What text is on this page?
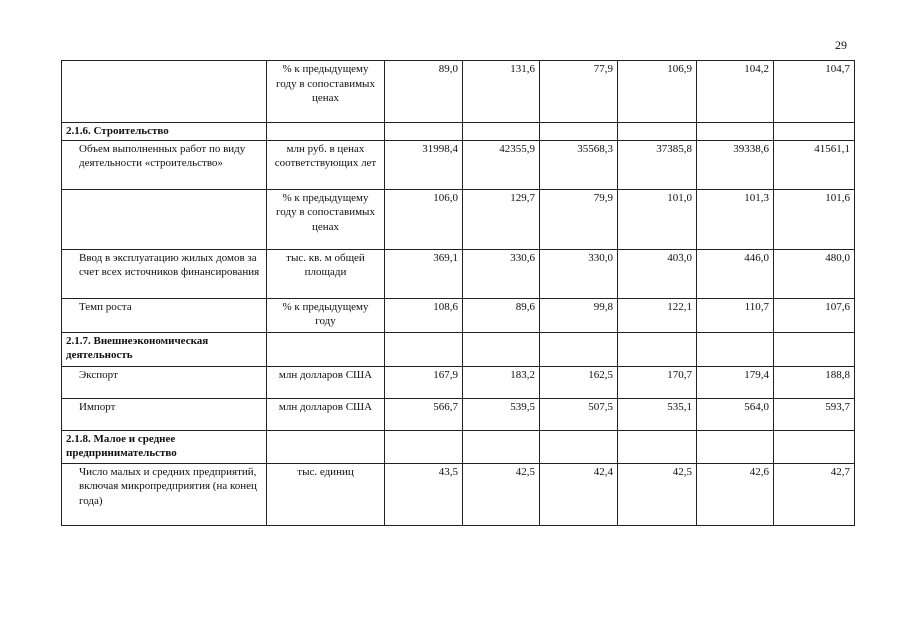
29
	% к предыдущему году в сопоставимых ценах	89,0	131,6	77,9	106,9	104,2	104,7
2.1.6. Строительство							
Объем выполненных работ по виду деятельности «строительство»	млн руб. в ценах соответствующих лет	31998,4	42355,9	35568,3	37385,8	39338,6	41561,1
	% к предыдущему году в сопоставимых ценах	106,0	129,7	79,9	101,0	101,3	101,6
Ввод в эксплуатацию жилых домов за счет всех источников финансирования	тыс. кв. м общей площади	369,1	330,6	330,0	403,0	446,0	480,0
Темп роста	% к предыдущему году	108,6	89,6	99,8	122,1	110,7	107,6
2.1.7. Внешнеэкономическая деятельность							
Экспорт	млн долларов США	167,9	183,2	162,5	170,7	179,4	188,8
Импорт	млн долларов США	566,7	539,5	507,5	535,1	564,0	593,7
2.1.8. Малое и среднее предпринимательство							
Число малых и средних предприятий, включая микропредприятия (на конец года)	тыс. единиц	43,5	42,5	42,4	42,5	42,6	42,7
